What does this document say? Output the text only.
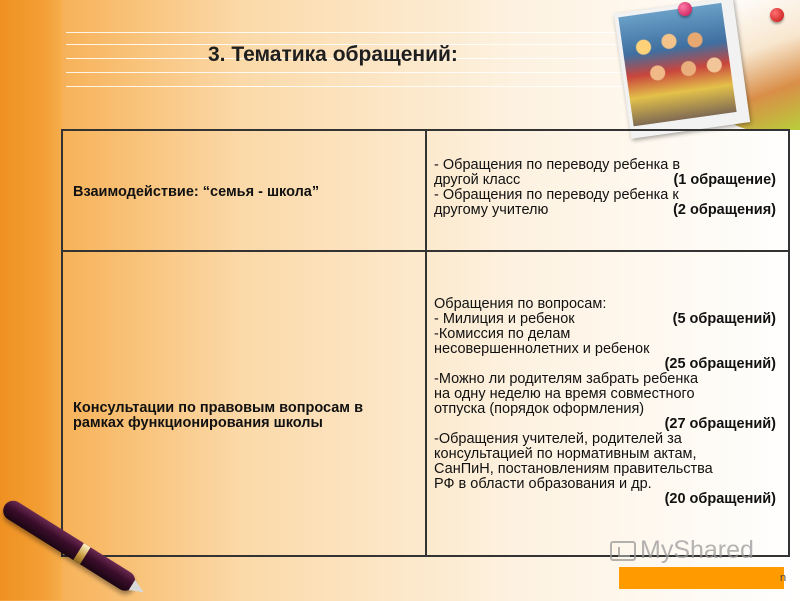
3. Тематика обращений:
Взаимодействие: “семья - школа”
- Обращения по переводу ребенка в
другой класс	(1 обращение)
- Обращения по переводу ребенка к
другому учителю	(2 обращения)
Консультации по правовым вопросам в рамках функционирования школы
Обращения по вопросам:
- Милиция и ребенок	(5 обращений)
-Комиссия по делам
несовершеннолетних и ребенок
(25 обращений)
-Можно ли родителям забрать ребенка
на одну неделю на время совместного
отпуска (порядок оформления)
(27 обращений)
-Обращения учителей, родителей за
консультацией по нормативным актам,
СанПиН, постановлениям правительства
РФ в области образования и др.
(20 обращений)
MyShared
n
